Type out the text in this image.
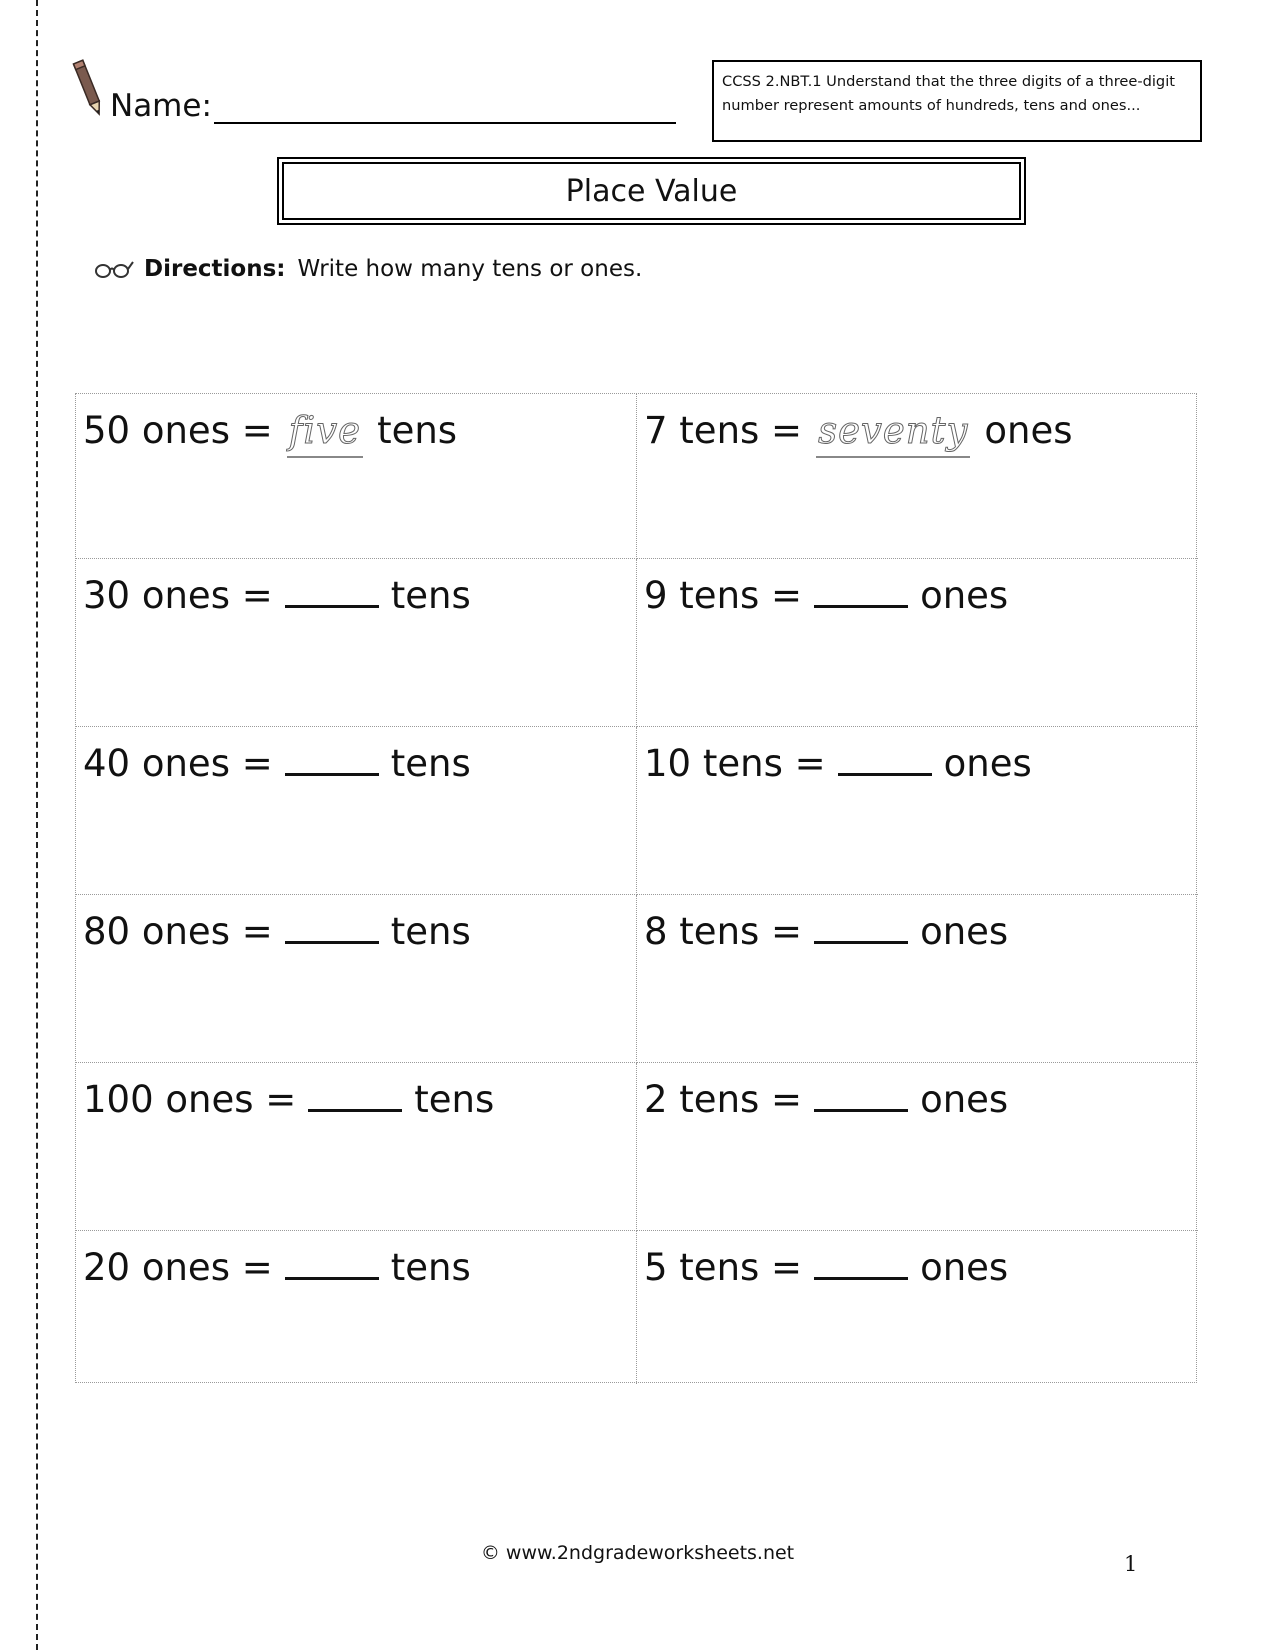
Name:
CCSS 2.NBT.1 Understand that the three digits of a three-digit number represent amounts of hundreds, tens and ones...
Place Value
Directions: Write how many tens or ones.
50 ones = five tens	7 tens = seventy ones
30 ones =	tens	9 tens =	ones
40 ones =	tens	10 tens =	ones
80 ones =	tens	8 tens =	ones
100 ones =	tens	2 tens =	ones
20 ones =	tens	5 tens =	ones
© www.2ndgradeworksheets.net	1
